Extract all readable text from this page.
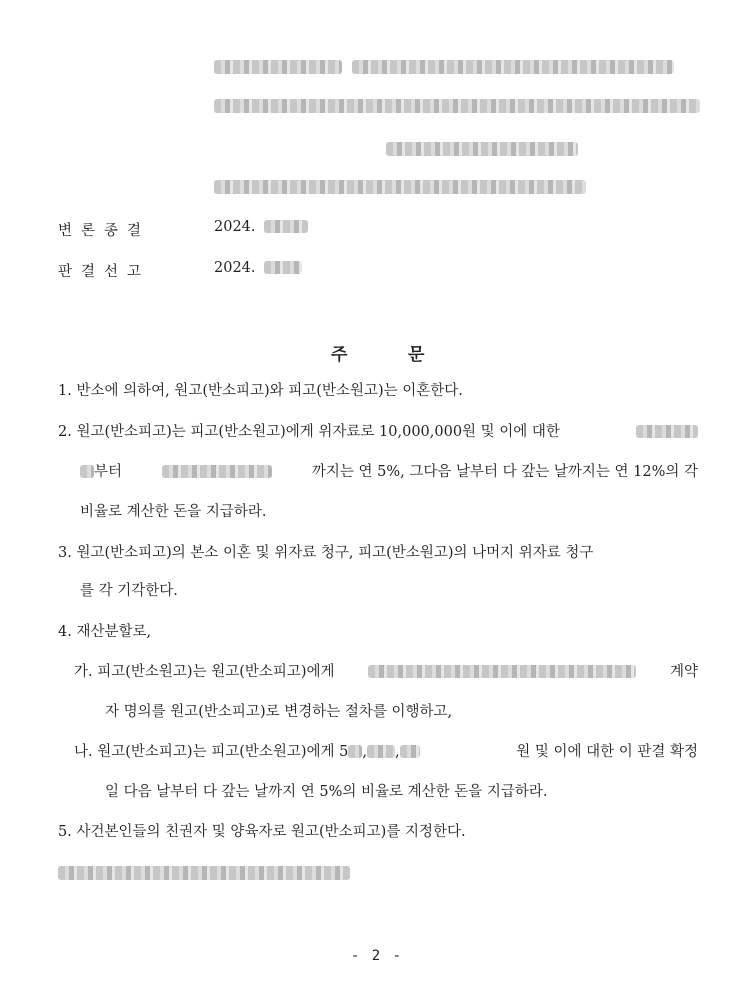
변론종결	2024.
판결선고	2024.
주	문
1. 반소에 의하여, 원고(반소피고)와 피고(반소원고)는 이혼한다.
2. 원고(반소피고)는 피고(반소원고)에게 위자료로 10,000,000원 및 이에 대한
부터	까지는 연 5%, 그다음 날부터 다 갚는 날까지는 연 12%의 각
비율로 계산한 돈을 지급하라.
3. 원고(반소피고)의 본소 이혼 및 위자료 청구, 피고(반소원고)의 나머지 위자료 청구
를 각 기각한다.
4. 재산분할로,
가. 피고(반소원고)는 원고(반소피고)에게	계약
자 명의를 원고(반소피고)로 변경하는 절차를 이행하고,
나. 원고(반소피고)는 피고(반소원고)에게 5 , ,	원 및 이에 대한 이 판결 확정
일 다음 날부터 다 갚는 날까지 연 5%의 비율로 계산한 돈을 지급하라.
5. 사건본인들의 친권자 및 양육자로 원고(반소피고)를 지정한다.
- 2 -
